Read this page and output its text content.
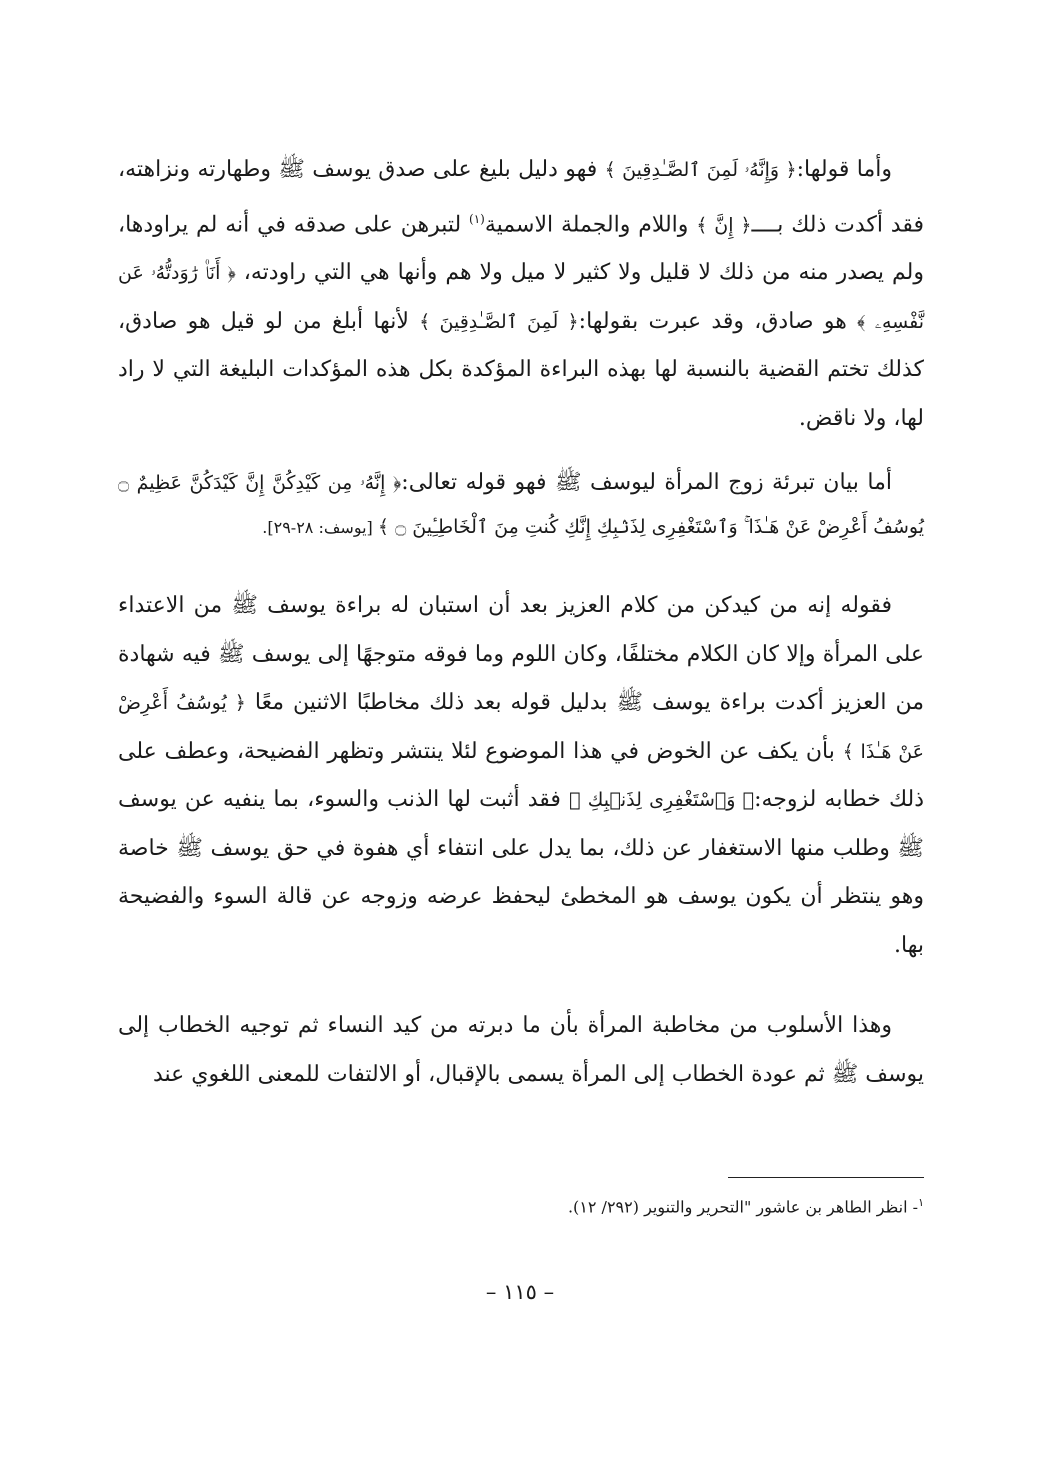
وأما قولها:﴿ وَإِنَّهُۥ لَمِنَ ٱلصَّـٰدِقِينَ ﴾ فهو دليل بليغ على صدق يوسف ﷺ وطهارته ونزاهته، فقد أكدت ذلك بــــ﴿ إِنَّ ﴾ واللام والجملة الاسمية$^{(١)}$ لتبرهن على صدقه في أنه لم يراودها، ولم يصدر منه من ذلك لا قليل ولا كثير لا ميل ولا هم وأنها هي التي راودته، ﴿ أَنَا۠ رَٰوَدتُّهُۥ عَن نَّفْسِهِۦ ﴾ هو صادق، وقد عبرت بقولها:﴿ لَمِنَ ٱلصَّـٰدِقِينَ ﴾ لأنها أبلغ من لو قيل هو صادق، كذلك تختم القضية بالنسبة لها بهذه البراءة المؤكدة بكل هذه المؤكدات البليغة التي لا راد لها، ولا ناقض.

أما بيان تبرئة زوج المرأة ليوسف ﷺ فهو قوله تعالى:﴿ إِنَّهُۥ مِن كَيْدِكُنَّ إِنَّ كَيْدَكُنَّ عَظِيمٌ ۝ يُوسُفُ أَعْرِضْ عَنْ هَـٰذَا ۚ وَٱسْتَغْفِرِى لِذَنۢبِكِ إِنَّكِ كُنتِ مِنَ ٱلْخَاطِـِٔينَ ۝ ﴾ [يوسف: ٢٨-٢٩].

فقوله إنه من كيدكن من كلام العزيز بعد أن استبان له براءة يوسف ﷺ من الاعتداء على المرأة وإلا كان الكلام مختلفًا، وكان اللوم وما فوقه متوجهًا إلى يوسف ﷺ فيه شهادة من العزيز أكدت براءة يوسف ﷺ بدليل قوله بعد ذلك مخاطبًا الاثنين معًا ﴿ يُوسُفُ أَعْرِضْ عَنْ هَـٰذَا ﴾ بأن يكف عن الخوض في هذا الموضوع لئلا ينتشر وتظهر الفضيحة، وعطف على ذلك خطابه لزوجه:﴿ وَٱسْتَغْفِرِى لِذَنۢبِكِ ﴾ فقد أثبت لها الذنب والسوء، بما ينفيه عن يوسف ﷺ وطلب منها الاستغفار عن ذلك، بما يدل على انتفاء أي هفوة في حق يوسف ﷺ خاصة وهو ينتظر أن يكون يوسف هو المخطئ ليحفظ عرضه وزوجه عن قالة السوء والفضيحة بها.

وهذا الأسلوب من مخاطبة المرأة بأن ما دبرته من كيد النساء ثم توجيه الخطاب إلى يوسف ﷺ ثم عودة الخطاب إلى المرأة يسمى بالإقبال، أو الالتفات للمعنى اللغوي عند

$^١$- انظر الطاهر بن عاشور "التحرير والتنوير (٢٩٢/ ١٢).
– ١١٥ –
